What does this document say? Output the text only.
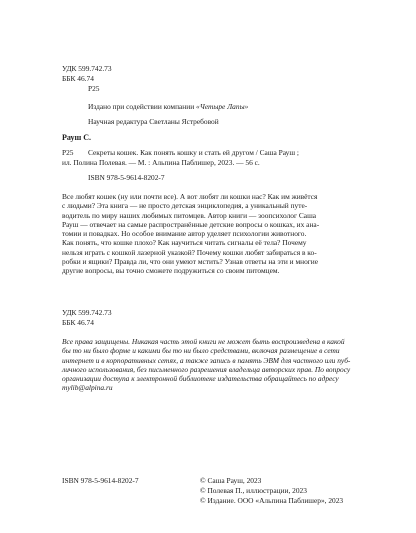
УДК 599.742.73
ББК 46.74
Р25
Издано при содействии компании «Четыре Лапы»
Научная редактура Светланы Ястребовой
Рауш С.
Р25 Секреты кошек. Как понять кошку и стать ей другом / Саша Рауш ;
ил. Полина Полевая. — М. : Альпина Паблишер, 2023. — 56 с.
ISBN 978-5-9614-8202-7
Все любят кошек (ну или почти все). А вот любят ли кошки нас? Как им живётся
с людьми? Эта книга — не просто детская энциклопедия, а уникальный путе-
водитель по миру наших любимых питомцев. Автор книги — зоопсихолог Саша
Рауш — отвечает на самые распространённые детские вопросы о кошках, их ана-
томии и повадках. Но особое внимание автор уделяет психологии животного.
Как понять, что кошке плохо? Как научиться читать сигналы её тела? Почему
нельзя играть с кошкой лазерной указкой? Почему кошки любят забираться в ко-
робки и ящики? Правда ли, что они умеют мстить? Узнав ответы на эти и многие
другие вопросы, вы точно сможете подружиться со своим питомцем.
УДК 599.742.73
ББК 46.74
Все права защищены. Никакая часть этой книги не может быть воспроизведена в какой
бы то ни было форме и какими бы то ни было средствами, включая размещение в сети
интернет и в корпоративных сетях, а также запись в память ЭВМ для частного или пуб-
личного использования, без письменного разрешения владельца авторских прав. По вопросу
организации доступа к электронной библиотеке издательства обращайтесь по адресу
mylib@alpina.ru
ISBN 978-5-9614-8202-7	© Саша Рауш, 2023
© Полевая П., иллюстрации, 2023
© Издание. ООО «Альпина Паблишер», 2023
